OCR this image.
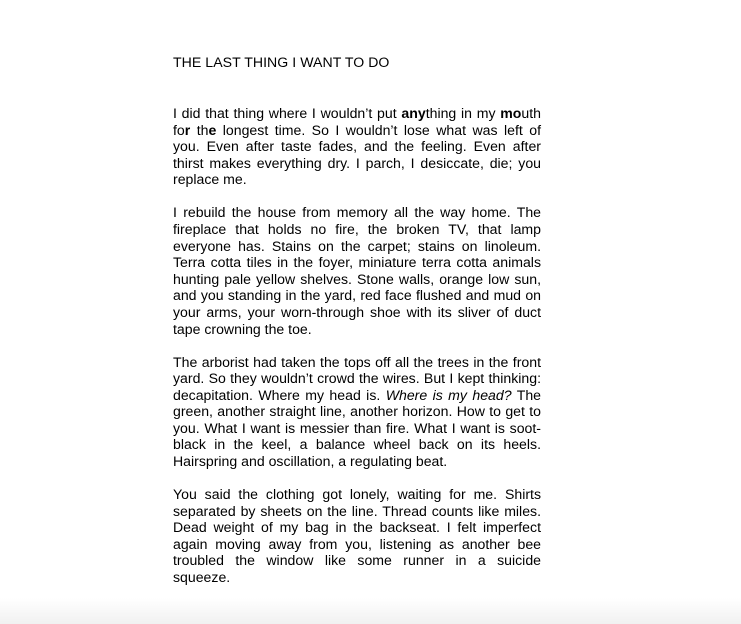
THE LAST THING I WANT TO DO

I did that thing where I wouldn’t put anything in my mouth for the longest time. So I wouldn’t lose what was left of you. Even after taste fades, and the feeling. Even after thirst makes everything dry. I parch, I desiccate, die; you replace me.

I rebuild the house from memory all the way home. The fireplace that holds no fire, the broken TV, that lamp everyone has. Stains on the carpet; stains on linoleum. Terra cotta tiles in the foyer, miniature terra cotta animals hunting pale yellow shelves. Stone walls, orange low sun, and you standing in the yard, red face flushed and mud on your arms, your worn-through shoe with its sliver of duct tape crowning the toe.

The arborist had taken the tops off all the trees in the front yard. So they wouldn’t crowd the wires. But I kept thinking: decapitation. Where my head is. Where is my head? The green, another straight line, another horizon. How to get to you. What I want is messier than fire. What I want is soot-black in the keel, a balance wheel back on its heels. Hairspring and oscillation, a regulating beat.

You said the clothing got lonely, waiting for me. Shirts separated by sheets on the line. Thread counts like miles. Dead weight of my bag in the backseat. I felt imperfect again moving away from you, listening as another bee troubled the window like some runner in a suicide squeeze.
